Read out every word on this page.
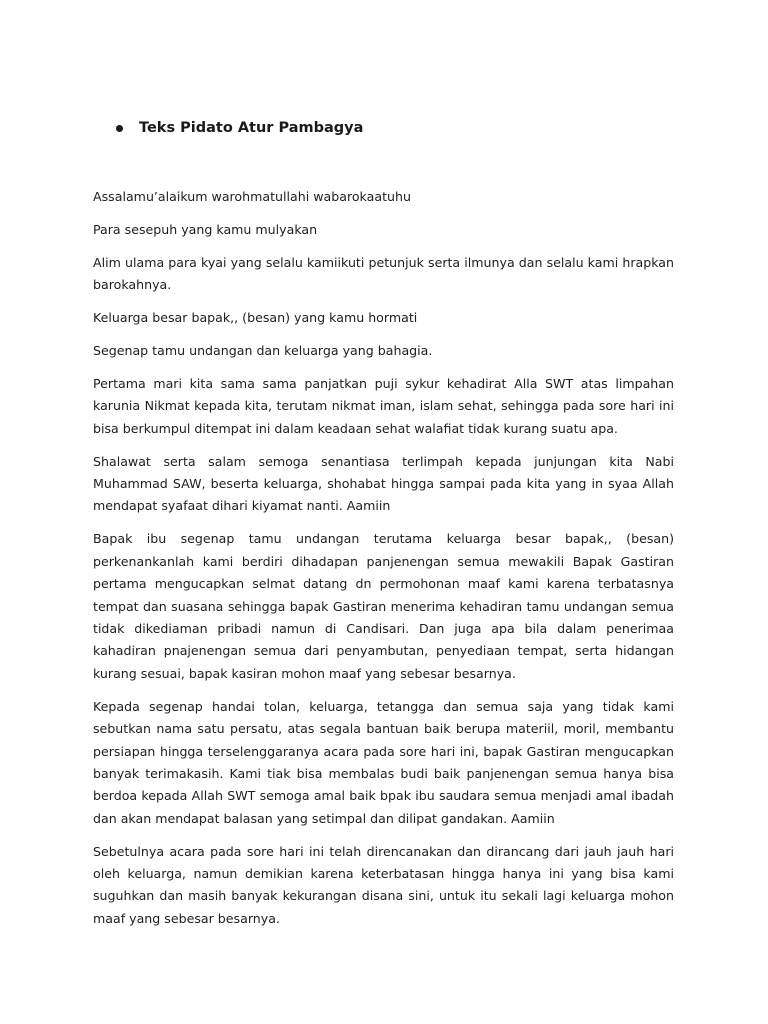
Teks Pidato Atur Pambagya

Assalamu’alaikum warohmatullahi wabarokaatuhu

Para sesepuh yang kamu mulyakan

Alim ulama para kyai yang selalu kamiikuti petunjuk serta ilmunya dan selalu kami hrapkan barokahnya.

Keluarga besar bapak,, (besan) yang kamu hormati

Segenap tamu undangan dan keluarga yang bahagia.

Pertama mari kita sama sama panjatkan puji sykur kehadirat Alla SWT atas limpahan karunia Nikmat kepada kita, terutam nikmat iman, islam sehat, sehingga pada sore hari ini bisa berkumpul ditempat ini dalam keadaan sehat walafiat tidak kurang suatu apa.

Shalawat serta salam semoga senantiasa terlimpah kepada junjungan kita Nabi Muhammad SAW, beserta keluarga, shohabat hingga sampai pada kita yang in syaa Allah mendapat syafaat dihari kiyamat nanti. Aamiin

Bapak ibu segenap tamu undangan terutama keluarga besar bapak,, (besan) perkenankanlah kami berdiri dihadapan panjenengan semua mewakili Bapak Gastiran pertama mengucapkan selmat datang dn permohonan maaf kami karena terbatasnya tempat dan suasana sehingga bapak Gastiran menerima kehadiran tamu undangan semua tidak dikediaman pribadi namun di Candisari. Dan juga apa bila dalam penerimaa kahadiran pnajenengan semua dari penyambutan, penyediaan tempat, serta hidangan kurang sesuai, bapak kasiran mohon maaf yang sebesar besarnya.

Kepada segenap handai tolan, keluarga, tetangga dan semua saja yang tidak kami sebutkan nama satu persatu, atas segala bantuan baik berupa materiil, moril, membantu persiapan hingga terselenggaranya acara pada sore hari ini, bapak Gastiran mengucapkan banyak terimakasih. Kami tiak bisa membalas budi baik panjenengan semua hanya bisa berdoa kepada Allah SWT semoga amal baik bpak ibu saudara semua menjadi amal ibadah dan akan mendapat balasan yang setimpal dan dilipat gandakan. Aamiin

Sebetulnya acara pada sore hari ini telah direncanakan dan dirancang dari jauh jauh hari oleh keluarga, namun demikian karena keterbatasan hingga hanya ini yang bisa kami suguhkan dan masih banyak kekurangan disana sini, untuk itu sekali lagi keluarga mohon maaf yang sebesar besarnya.
